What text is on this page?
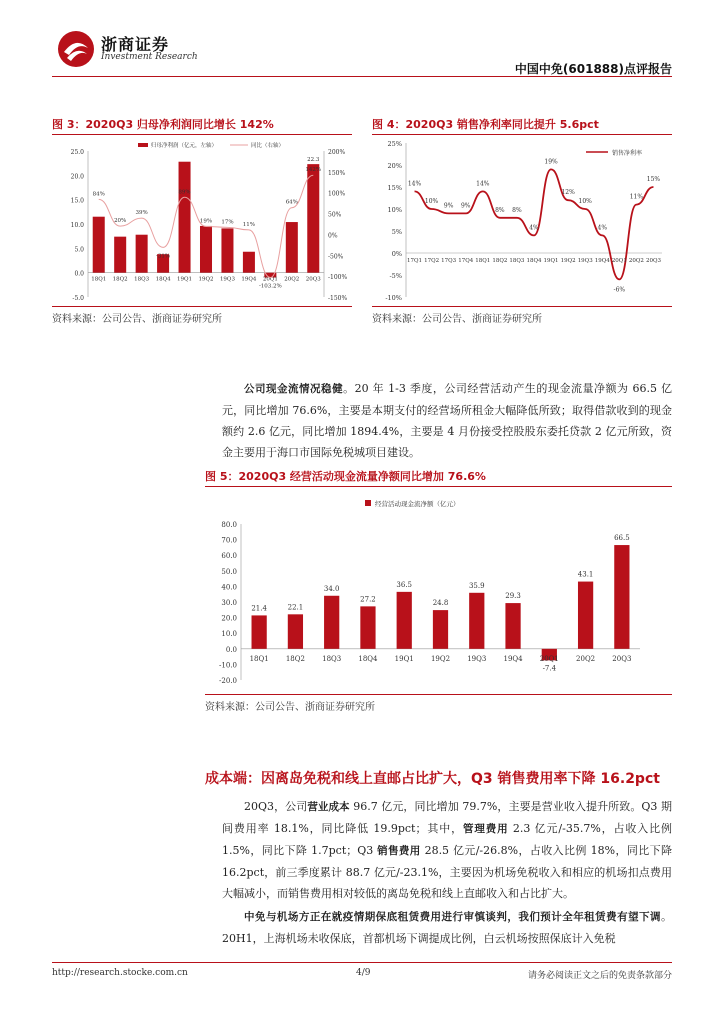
浙商证券
Investment Research
中国中免(601888)点评报告
图 3：2020Q3 归母净利润同比增长 142%
25.0
20.0
15.0
10.0
5.0
0.0
-5.0
200%
150%
100%
50%
0%
-50%
-100%
-150%
归母净利润（亿元，左轴）	同比（右轴）
18Q1 18Q2 18Q3 18Q4 19Q1 19Q2 19Q3 19Q4 20Q1 20Q2 20Q3
22.3
84%
20%
39%
-31%
89%
19% 17% 11%
-103.2%
64%
142%
资料来源：公司公告、浙商证券研究所
图 4：2020Q3 销售净利率同比提升 5.6pct
25%
20%
15%
10%
5%
0%
-5%
-10%
销售净利率
17Q1 17Q2 17Q3 17Q4 18Q1 18Q2 18Q3 18Q4 19Q1 19Q2 19Q3 19Q4 20Q1 20Q2 20Q3
14%
10%
9% 9%
14%
8% 8%
4%
19%
12%
10%
4%
-6%
11%
15%
资料来源：公司公告、浙商证券研究所
公司现金流情况稳健。20 年 1-3 季度，公司经营活动产生的现金流量净额为 66.5 亿元，同比增加 76.6%，主要是本期支付的经营场所租金大幅降低所致；取得借款收到的现金额约 2.6 亿元，同比增加 1894.4%，主要是 4 月份接受控股股东委托贷款 2 亿元所致，资金主要用于海口市国际免税城项目建设。
图 5：2020Q3 经营活动现金流量净额同比增加 76.6%
80.0
70.0
60.0
50.0
40.0
30.0
20.0
10.0
0.0
-10.0
-20.0
经营活动现金流净额（亿元）
18Q1
21.4
18Q2
22.1
18Q3
34.0
18Q4
27.2
19Q1
36.5
19Q2
24.8
19Q3
35.9
19Q4
29.3
20Q1
-7.4
20Q2
43.1
20Q3
66.5
资料来源：公司公告、浙商证券研究所
成本端：因离岛免税和线上直邮占比扩大，Q3 销售费用率下降 16.2pct
20Q3，公司营业成本 96.7 亿元，同比增加 79.7%，主要是营业收入提升所致。Q3 期间费用率 18.1%，同比降低 19.9pct；其中，管理费用 2.3 亿元/-35.7%，占收入比例 1.5%，同比下降 1.7pct；Q3 销售费用 28.5 亿元/-26.8%，占收入比例 18%，同比下降 16.2pct，前三季度累计 88.7 亿元/-23.1%，主要因为机场免税收入和相应的机场扣点费用大幅减小，而销售费用相对较低的离岛免税和线上直邮收入和占比扩大。
中免与机场方正在就疫情期保底租赁费用进行审慎谈判，我们预计全年租赁费有望下调。20H1，上海机场未收保底，首都机场下调提成比例，白云机场按照保底计入免税
http://research.stocke.com.cn	4/9	请务必阅读正文之后的免责条款部分
